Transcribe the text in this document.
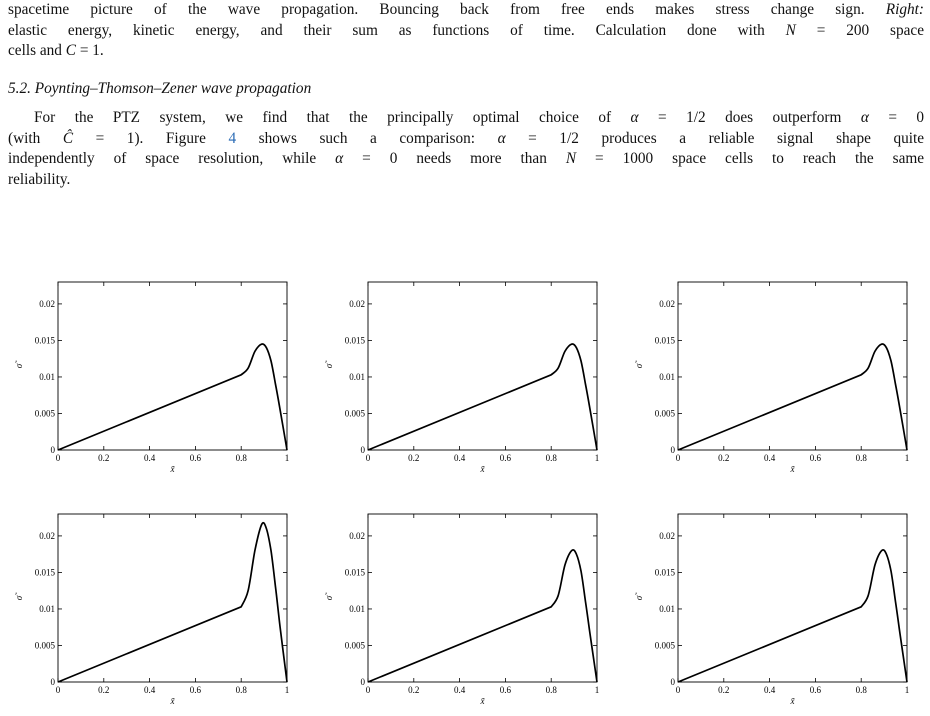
spacetime picture of the wave propagation. Bouncing back from free ends makes stress change sign. Right:
elastic energy, kinetic energy, and their sum as functions of time. Calculation done with N = 200 space
cells and C = 1.
5.2. Poynting–Thomson–Zener wave propagation
For the PTZ system, we find that the principally optimal choice of α = 1/2 does outperform α = 0
(with Ĉ = 1). Figure 4 shows such a comparison: α = 1/2 produces a reliable signal shape quite
independently of space resolution, while α = 0 needs more than N = 1000 space cells to reach the same
reliability.
0	0.2	0.4	0.6	0.8	1
0
0.005
0.01
0.015
0.02
x̃
σ̃
0	0.2	0.4	0.6	0.8	1
0
0.005
0.01
0.015
0.02
x̃
σ̃
0	0.2	0.4	0.6	0.8	1
0
0.005
0.01
0.015
0.02
x̃
σ̃
0	0.2	0.4	0.6	0.8	1
0
0.005
0.01
0.015
0.02
x̃
σ̃
0	0.2	0.4	0.6	0.8	1
0
0.005
0.01
0.015
0.02
x̃
σ̃
0	0.2	0.4	0.6	0.8	1
0
0.005
0.01
0.015
0.02
x̃
σ̃
